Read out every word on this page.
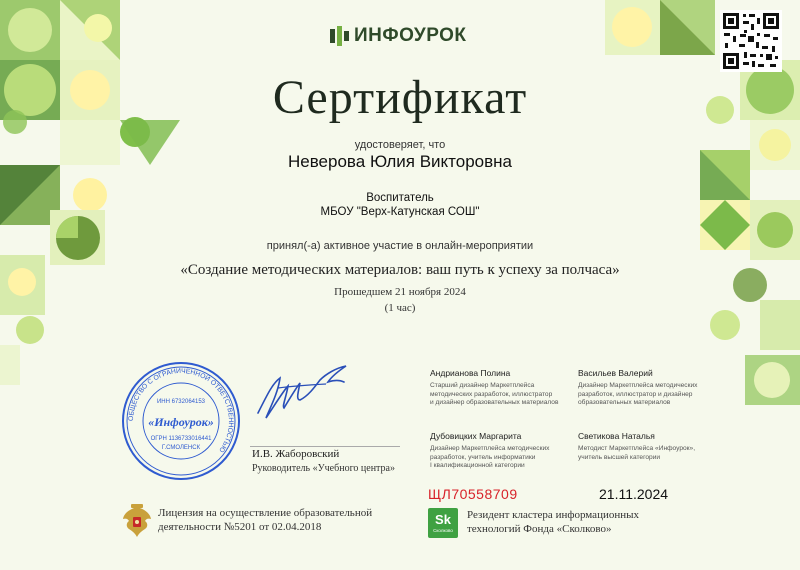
ИНФОУРОК
Сертификат
удостоверяет, что
Неверова Юлия Викторовна
Воспитатель
МБОУ "Верх-Катунская СОШ"
принял(-а) активное участие в онлайн-мероприятии
«Создание методических материалов: ваш путь к успеху за полчаса»
Прошедшем 21 ноября 2024
(1 час)
ОБЩЕСТВО С ОГРАНИЧЕННОЙ ОТВЕТСТВЕННОСТЬЮ
ИНН 6732064153
«Инфоурок»
ОГРН 1136733016441
Г.СМОЛЕНСК	И.В. Жаборовский
Руководитель «Учебного центра»
Андрианова Полина
Старший дизайнер Маркетплейса
методических разработок, иллюстратор
и дизайнер образовательных материалов
Васильев Валерий
Дизайнер Маркетплейса методических
разработок, иллюстратор и дизайнер
образовательных материалов
Дубовицких Маргарита
Дизайнер Маркетплейса методических
разработок, учитель информатики
I квалификационной категории
Светикова Наталья
Методист Маркетплейса «Инфоурок»,
учитель высшей категории
ЩЛ70558709	21.11.2024
Лицензия на осуществление образовательной
деятельности №5201 от 02.04.2018	Sk
Сколково
Резидент кластера информационных
технологий Фонда «Сколково»
